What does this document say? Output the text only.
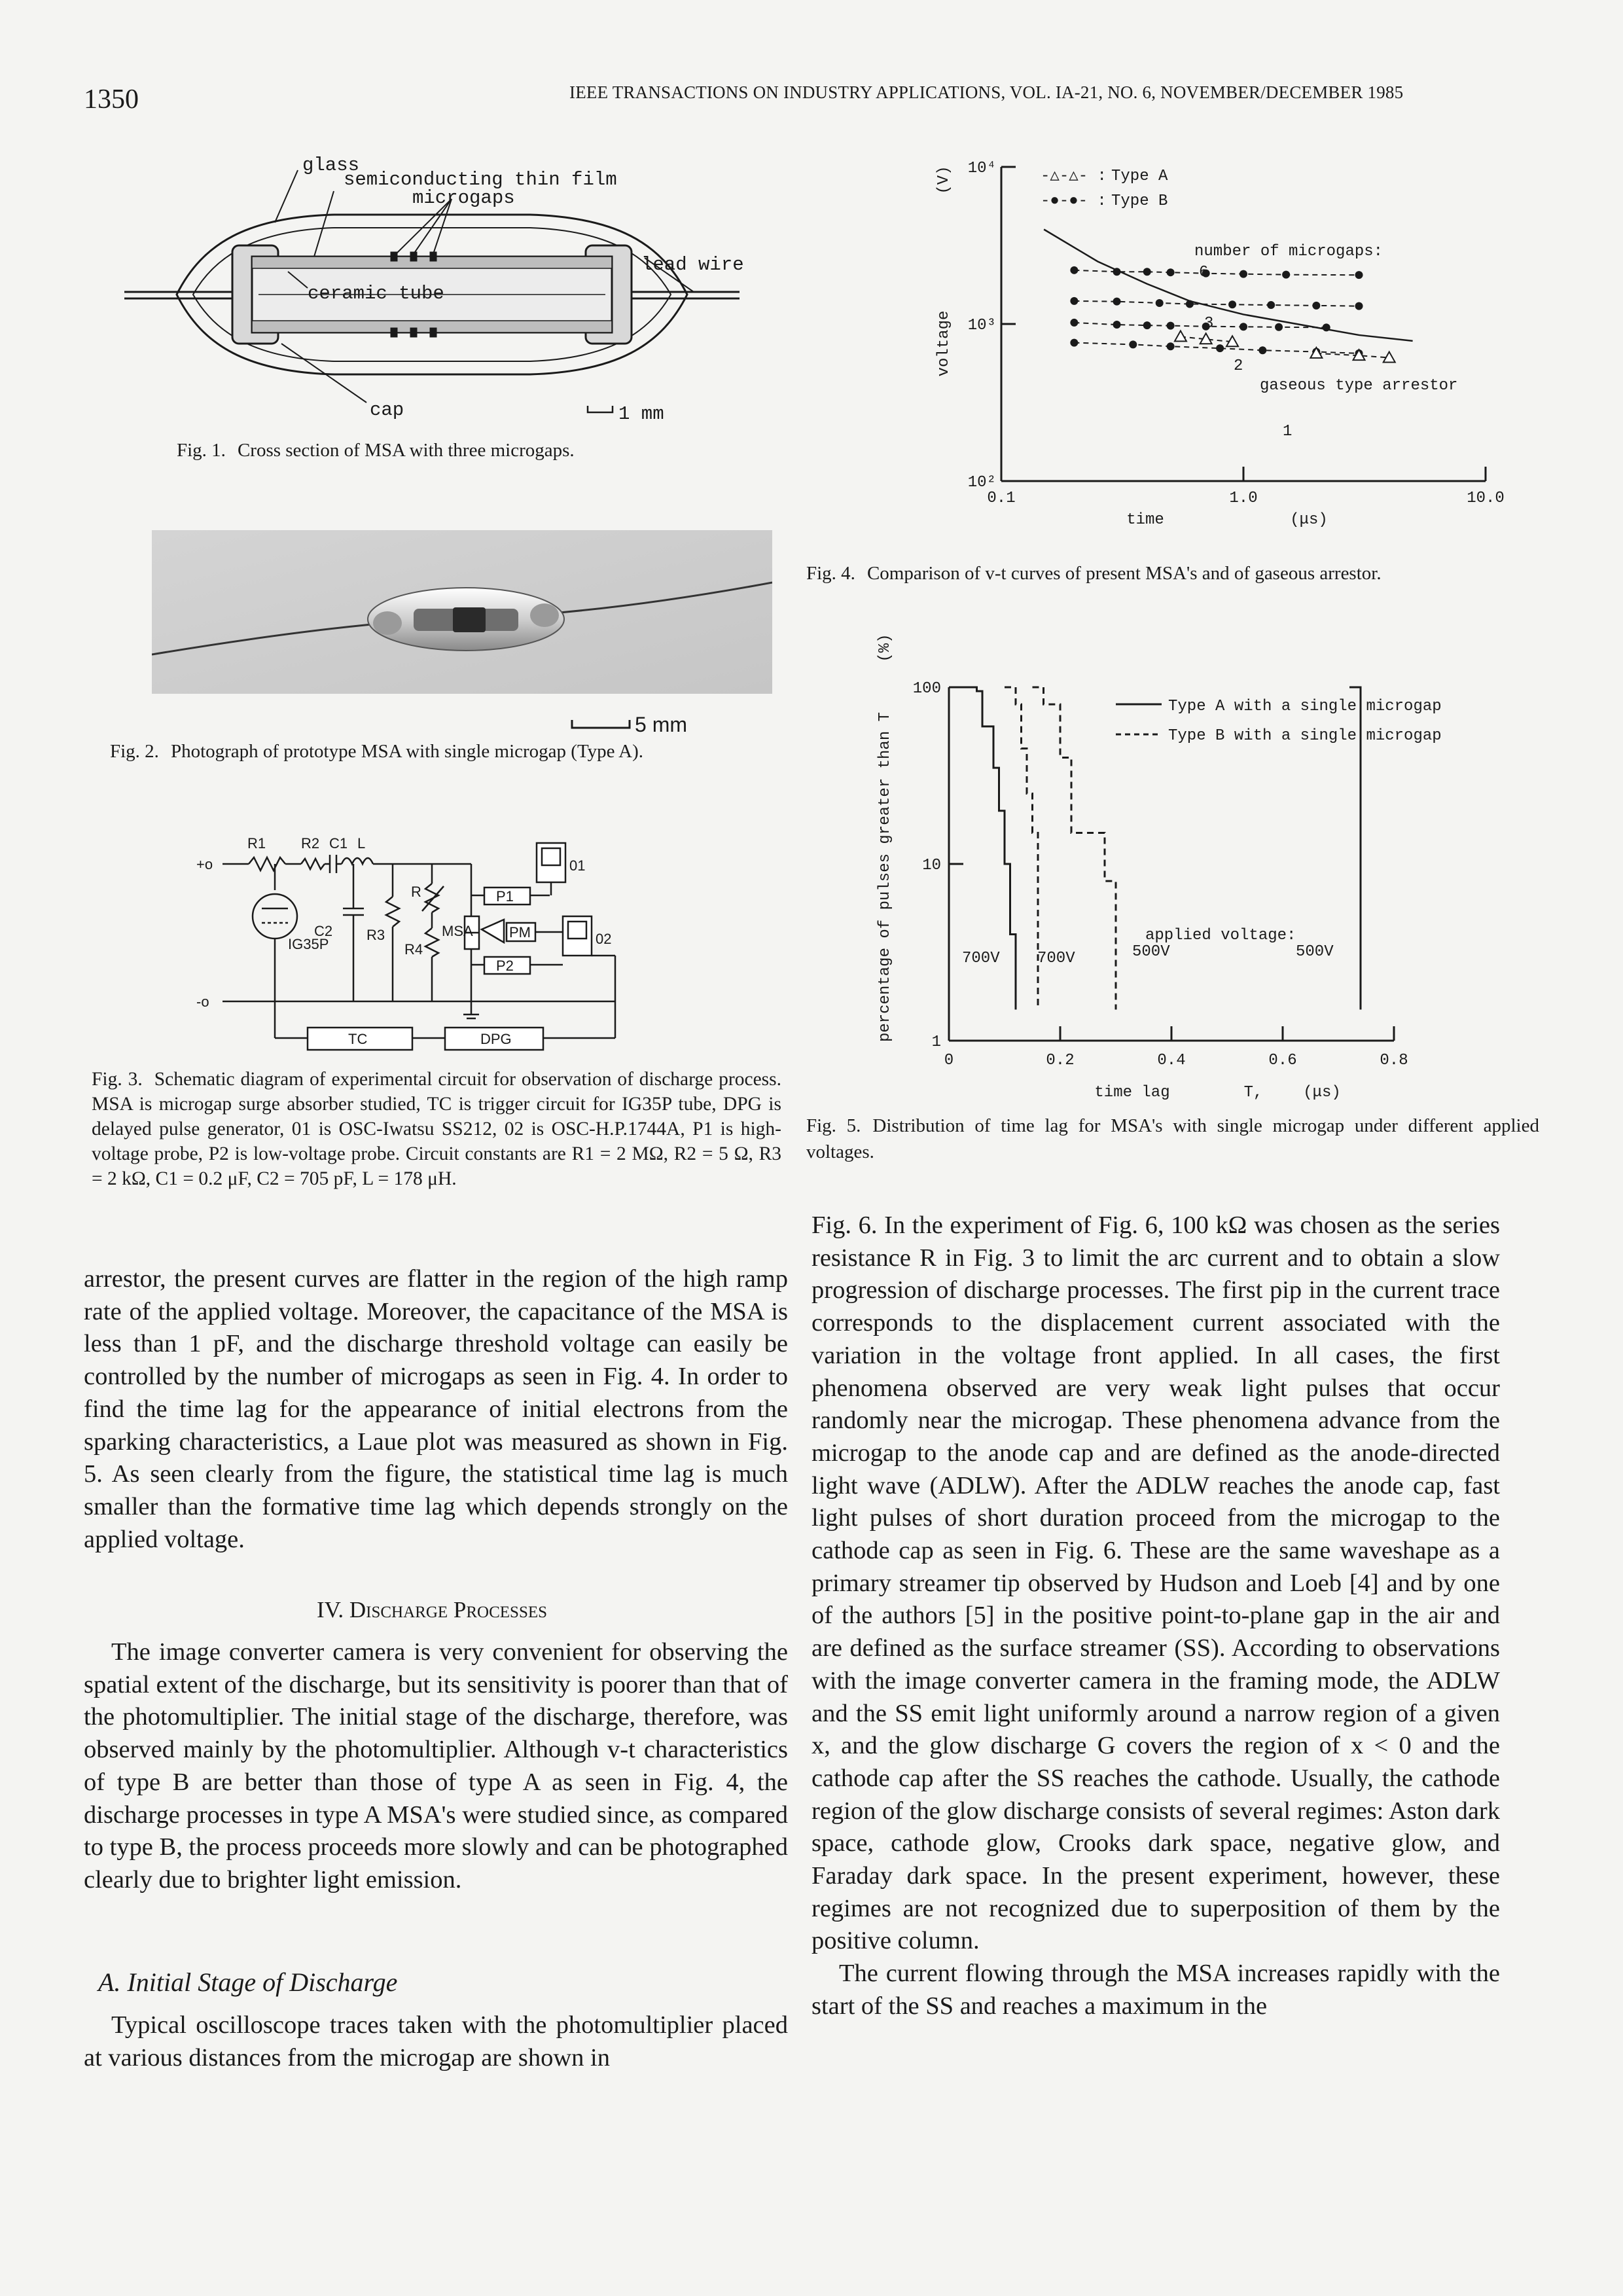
1350	IEEE TRANSACTIONS ON INDUSTRY APPLICATIONS, VOL. IA-21, NO. 6, NOVEMBER/DECEMBER 1985
glass
semiconducting thin film
microgaps
lead wire
ceramic tube
cap	1 mm
Fig. 1. Cross section of MSA with three microgaps.
5 mm
Fig. 2. Photograph of prototype MSA with single microgap (Type A).
R1 R2 C1 L
+o
IG35P
C2 R3
R4
R
MSA	PM
P1
P2
01
02
-o
TC	DPG
Fig. 3. Schematic diagram of experimental circuit for observation of discharge process. MSA is microgap surge absorber studied, TC is trigger circuit for IG35P tube, DPG is delayed pulse generator, 01 is OSC-Iwatsu SS212, 02 is OSC-H.P.1744A, P1 is high-voltage probe, P2 is low-voltage probe. Circuit constants are R1 = 2 MΩ, R2 = 5 Ω, R3 = 2 kΩ, C1 = 0.2 μF, C2 = 705 pF, L = 178 μH.
0.1	1.0	10.0
10²
10³
10⁴
(V)
voltage
time	(μs)
-△-△- : Type A
-●-●- : Type B
number of microgaps:
6
3
2
1
gaseous type arrestor
Fig. 4. Comparison of v-t curves of present MSA's and of gaseous arrestor.
0	0.2	0.4	0.6	0.8
100
10
1
(%)
percentage of pulses greater than T
time lag	T,	(μs)
Type A with a single microgap
Type B with a single microgap
applied voltage:
700V 700V	500V	500V
Fig. 5. Distribution of time lag for MSA's with single microgap under different applied voltages.

arrestor, the present curves are flatter in the region of the high ramp rate of the applied voltage. Moreover, the capacitance of the MSA is less than 1 pF, and the discharge threshold voltage can easily be controlled by the number of microgaps as seen in Fig. 4. In order to find the time lag for the appearance of initial electrons from the sparking characteristics, a Laue plot was measured as shown in Fig. 5. As seen clearly from the figure, the statistical time lag is much smaller than the formative time lag which depends strongly on the applied voltage.

IV. Discharge Processes

The image converter camera is very convenient for observing the spatial extent of the discharge, but its sensitivity is poorer than that of the photomultiplier. The initial stage of the discharge, therefore, was observed mainly by the photomultiplier. Although v-t characteristics of type B are better than those of type A as seen in Fig. 4, the discharge processes in type A MSA's were studied since, as compared to type B, the process proceeds more slowly and can be photographed clearly due to brighter light emission.

A. Initial Stage of Discharge

Typical oscilloscope traces taken with the photomultiplier placed at various distances from the microgap are shown in

Fig. 6. In the experiment of Fig. 6, 100 kΩ was chosen as the series resistance R in Fig. 3 to limit the arc current and to obtain a slow progression of discharge processes. The first pip in the current trace corresponds to the displacement current associated with the variation in the voltage front applied. In all cases, the first phenomena observed are very weak light pulses that occur randomly near the microgap. These phenomena advance from the microgap to the anode cap and are defined as the anode-directed light wave (ADLW). After the ADLW reaches the anode cap, fast light pulses of short duration proceed from the microgap to the cathode cap as seen in Fig. 6. These are the same waveshape as a primary streamer tip observed by Hudson and Loeb [4] and by one of the authors [5] in the positive point-to-plane gap in the air and are defined as the surface streamer (SS). According to observations with the image converter camera in the framing mode, the ADLW and the SS emit light uniformly around a narrow region of a given x, and the glow discharge G covers the region of x < 0 and the cathode cap after the SS reaches the cathode. Usually, the cathode region of the glow discharge consists of several regimes: Aston dark space, cathode glow, Crooks dark space, negative glow, and Faraday dark space. In the present experiment, however, these regimes are not recognized due to superposition of them by the positive column.

The current flowing through the MSA increases rapidly with the start of the SS and reaches a maximum in the
